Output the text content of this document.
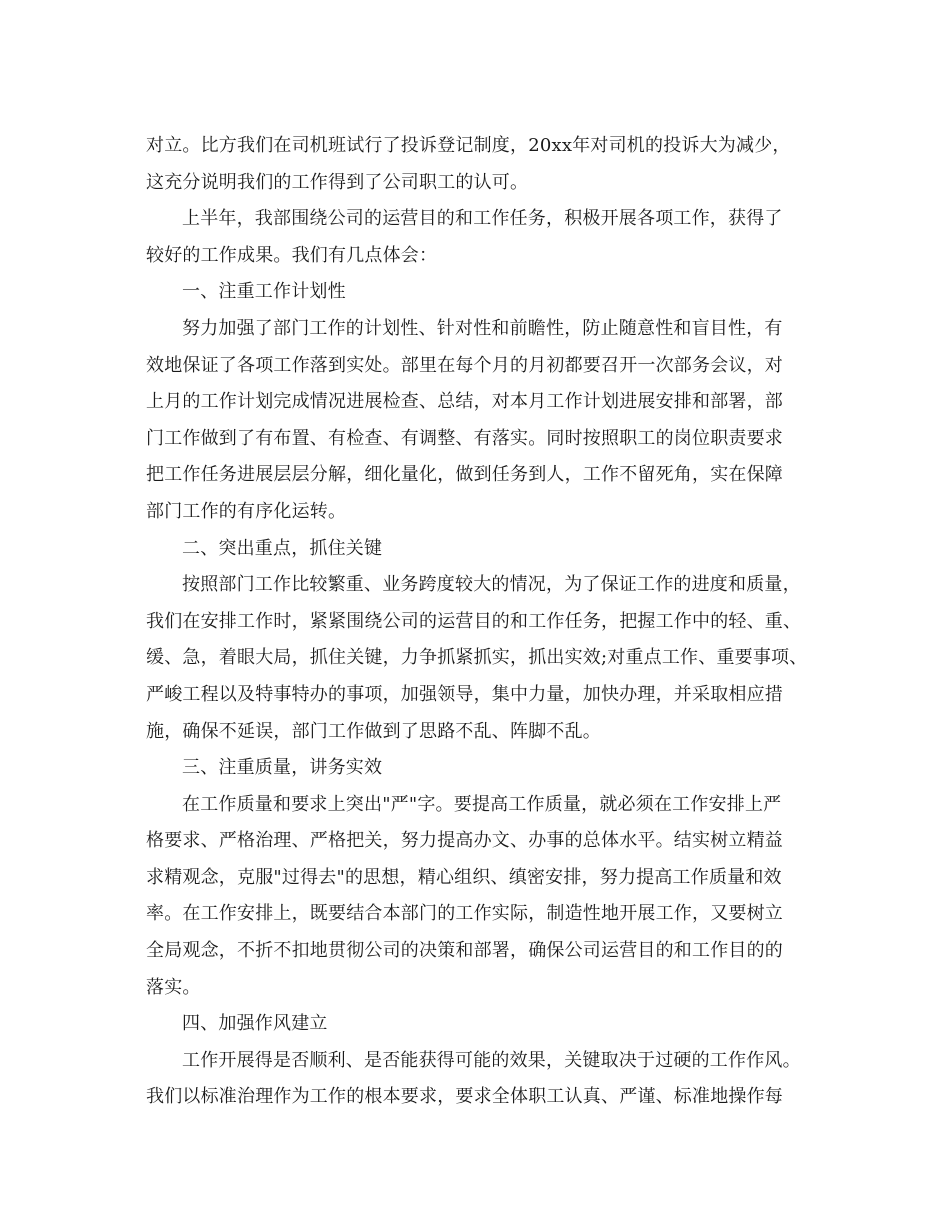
对立。比方我们在司机班试行了投诉登记制度，20xx年对司机的投诉大为减少，
这充分说明我们的工作得到了公司职工的认可。
上半年，我部围绕公司的运营目的和工作任务，积极开展各项工作，获得了
较好的工作成果。我们有几点体会：
一、注重工作计划性
努力加强了部门工作的计划性、针对性和前瞻性，防止随意性和盲目性，有
效地保证了各项工作落到实处。部里在每个月的月初都要召开一次部务会议，对
上月的工作计划完成情况进展检查、总结，对本月工作计划进展安排和部署，部
门工作做到了有布置、有检查、有调整、有落实。同时按照职工的岗位职责要求
把工作任务进展层层分解，细化量化，做到任务到人，工作不留死角，实在保障
部门工作的有序化运转。
二、突出重点，抓住关键
按照部门工作比较繁重、业务跨度较大的情况，为了保证工作的进度和质量，
我们在安排工作时，紧紧围绕公司的运营目的和工作任务，把握工作中的轻、重、
缓、急，着眼大局，抓住关键，力争抓紧抓实，抓出实效;对重点工作、重要事项、
严峻工程以及特事特办的事项，加强领导，集中力量，加快办理，并采取相应措
施，确保不延误，部门工作做到了思路不乱、阵脚不乱。
三、注重质量，讲务实效
在工作质量和要求上突出"严"字。要提高工作质量，就必须在工作安排上严
格要求、严格治理、严格把关，努力提高办文、办事的总体水平。结实树立精益
求精观念，克服"过得去"的思想，精心组织、缜密安排，努力提高工作质量和效
率。在工作安排上，既要结合本部门的工作实际，制造性地开展工作，又要树立
全局观念，不折不扣地贯彻公司的决策和部署，确保公司运营目的和工作目的的
落实。
四、加强作风建立
工作开展得是否顺利、是否能获得可能的效果，关键取决于过硬的工作作风。
我们以标准治理作为工作的根本要求，要求全体职工认真、严谨、标准地操作每
